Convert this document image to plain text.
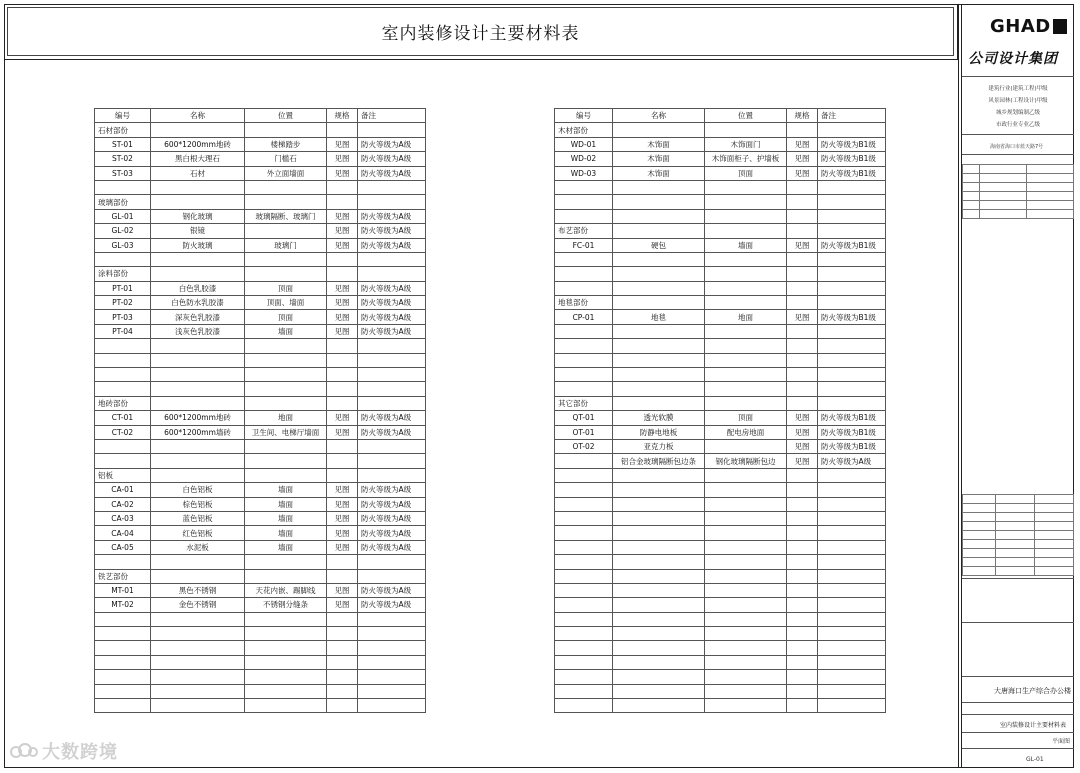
室内装修设计主要材料表
编号	名称	位置	规格	备注
石材部份				
ST-01	600*1200mm地砖	楼梯踏步	见图	防火等级为A级
ST-02	黑白根大理石	门槛石	见图	防火等级为A级
ST-03	石材	外立面墙面	见图	防火等级为A级

玻璃部份				
GL-01	钢化玻璃	玻璃隔断、玻璃门	见图	防火等级为A级
GL-02	银镜		见图	防火等级为A级
GL-03	防火玻璃	玻璃门	见图	防火等级为A级

涂料部份				
PT-01	白色乳胶漆	顶面	见图	防火等级为A级
PT-02	白色防水乳胶漆	顶面、墙面	见图	防火等级为A级
PT-03	深灰色乳胶漆	顶面	见图	防火等级为A级
PT-04	浅灰色乳胶漆	墙面	见图	防火等级为A级

地砖部份				
CT-01	600*1200mm地砖	地面	见图	防火等级为A级
CT-02	600*1200mm墙砖	卫生间、电梯厅墙面	见图	防火等级为A级

铝板				
CA-01	白色铝板	墙面	见图	防火等级为A级
CA-02	棕色铝板	墙面	见图	防火等级为A级
CA-03	蓝色铝板	墙面	见图	防火等级为A级
CA-04	红色铝板	墙面	见图	防火等级为A级
CA-05	水泥板	墙面	见图	防火等级为A级

铁艺部份				
MT-01	黑色不锈钢	天花内嵌、踢脚线	见图	防火等级为A级
MT-02	金色不锈钢	不锈钢分缝条	见图	防火等级为A级

编号	名称	位置	规格	备注
木材部份				
WD-01	木饰面	木饰面门	见图	防火等级为B1级
WD-02	木饰面	木饰面柜子、护墙板	见图	防火等级为B1级
WD-03	木饰面	顶面	见图	防火等级为B1级

布艺部份				
FC-01	硬包	墙面	见图	防火等级为B1级

地毯部份				
CP-01	地毯	地面	见图	防火等级为B1级

其它部份				
QT-01	透光软膜	顶面	见图	防火等级为B1级
OT-01	防静电地板	配电房地面	见图	防火等级为B1级
OT-02	亚克力板		见图	防火等级为B1级
	铝合金玻璃隔断包边条	钢化玻璃隔断包边	见图	防火等级为A级

GHAD
公司设计集团
建筑行业(建筑工程)甲级
风景园林(工程设计)甲级
城乡规划编制乙级
市政行业专业乙级
海南省海口市蓝天路7号

大唐海口生产综合办公楼
室内装修设计主要材料表
平面图
GL-01
大数跨境
